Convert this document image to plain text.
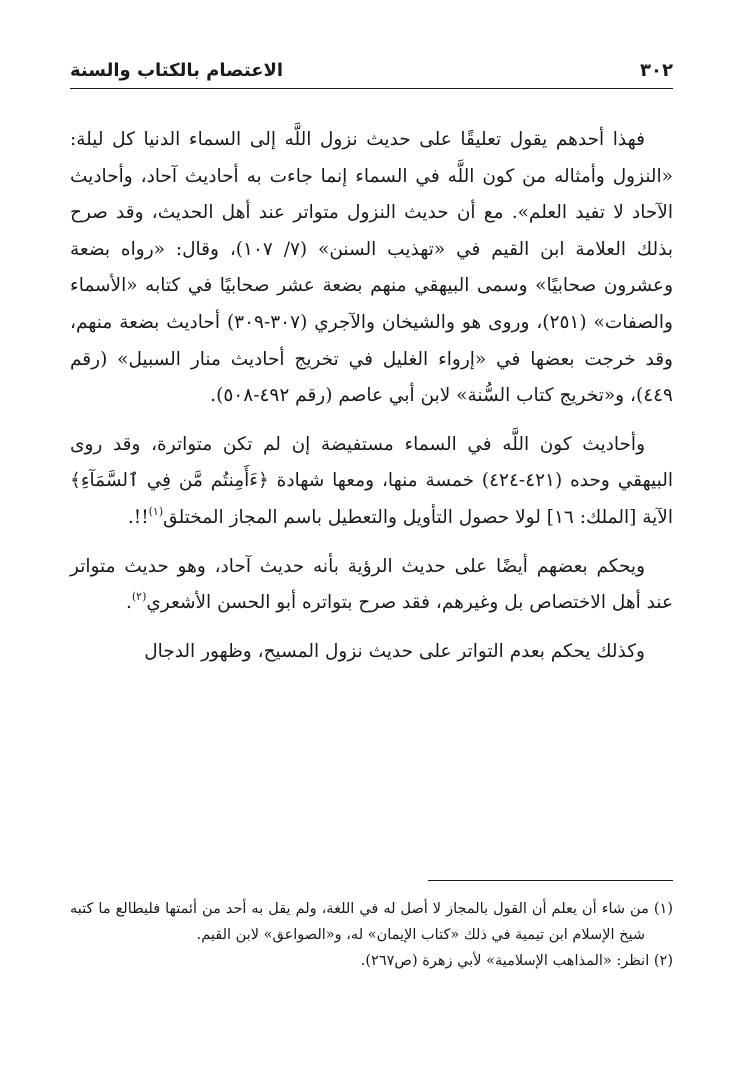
٣٠٢
الاعتصام بالكتاب والسنة

فهذا أحدهم يقول تعليقًا على حديث نزول اللَّه إلى السماء الدنيا كل ليلة: «النزول وأمثاله من كون اللَّه في السماء إنما جاءت به أحاديث آحاد، وأحاديث الآحاد لا تفيد العلم». مع أن حديث النزول متواتر عند أهل الحديث، وقد صرح بذلك العلامة ابن القيم في «تهذيب السنن» (٧/ ١٠٧)، وقال: «رواه بضعة وعشرون صحابيًا» وسمى البيهقي منهم بضعة عشر صحابيًا في كتابه «الأسماء والصفات» (٢٥١)، وروى هو والشيخان والآجري (٣٠٧-٣٠٩) أحاديث بضعة منهم، وقد خرجت بعضها في «إرواء الغليل في تخريج أحاديث منار السبيل» (رقم ٤٤٩)، و«تخريج كتاب السُّنة» لابن أبي عاصم (رقم ٤٩٢-٥٠٨).

وأحاديث كون اللَّه في السماء مستفيضة إن لم تكن متواترة، وقد روى البيهقي وحده (٤٢١-٤٢٤) خمسة منها، ومعها شهادة ﴿ءَأَمِنتُم مَّن فِي ٱلسَّمَآءِ﴾ الآية [الملك: ١٦] لولا حصول التأويل والتعطيل باسم المجاز المختلق$^{(١)}$!!.

ويحكم بعضهم أيضًا على حديث الرؤية بأنه حديث آحاد، وهو حديث متواتر عند أهل الاختصاص بل وغيرهم، فقد صرح بتواتره أبو الحسن الأشعري$^{(٢)}$.

وكذلك يحكم بعدم التواتر على حديث نزول المسيح، وظهور الدجال

(١) من شاء أن يعلم أن القول بالمجاز لا أصل له في اللغة، ولم يقل به أحد من أئمتها فليطالع ما كتبه شيخ الإسلام ابن تيمية في ذلك «كتاب الإيمان» له، و«الصواعق» لابن القيم.

(٢) انظر: «المذاهب الإسلامية» لأبي زهرة (ص٢٦٧).
